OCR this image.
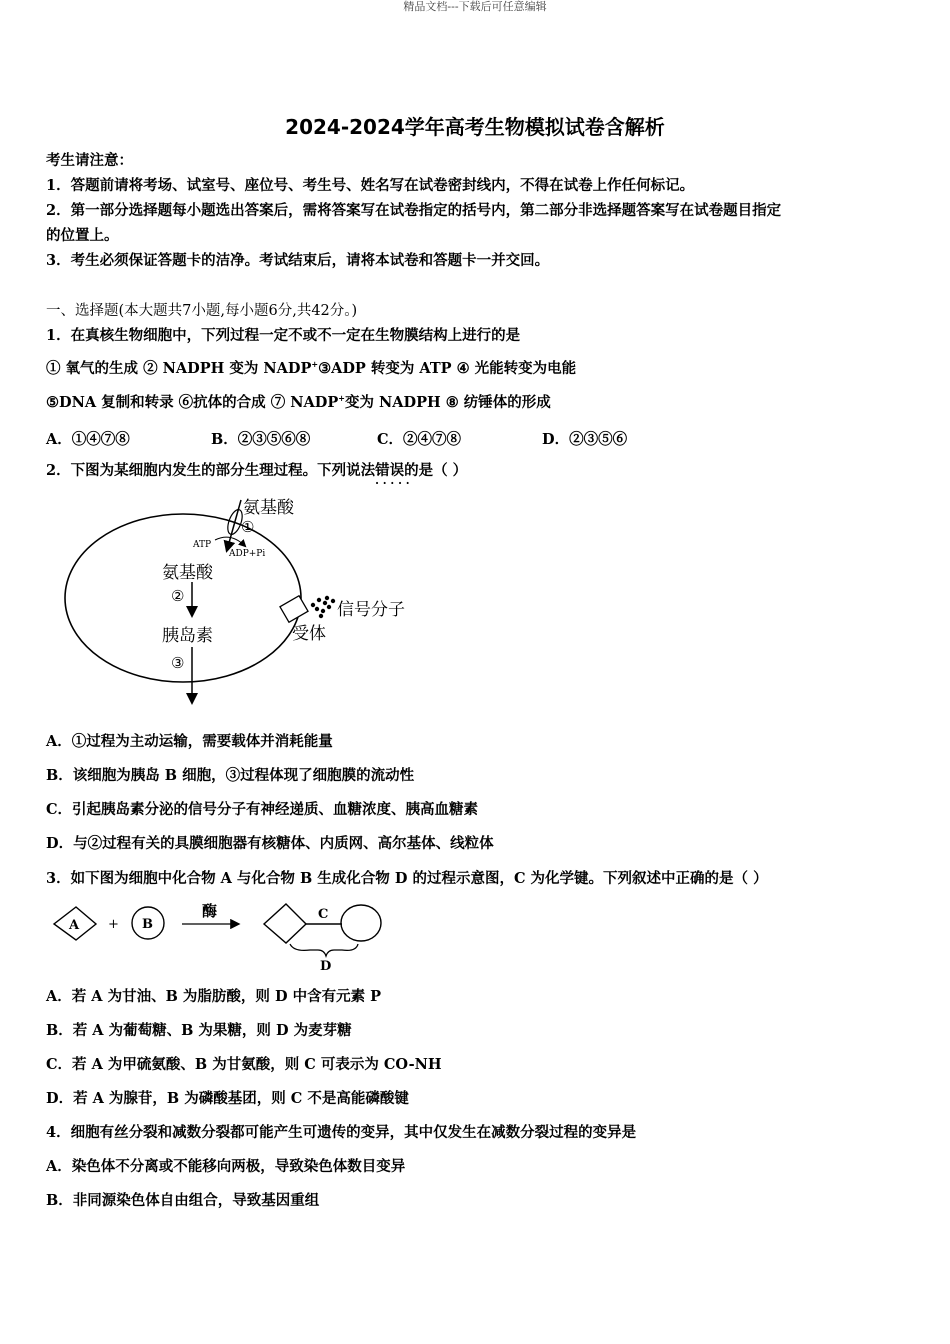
精品文档---下载后可任意编辑
2024-2024学年高考生物模拟试卷含解析
考生请注意：
1．答题前请将考场、试室号、座位号、考生号、姓名写在试卷密封线内，不得在试卷上作任何标记。
2．第一部分选择题每小题选出答案后，需将答案写在试卷指定的括号内，第二部分非选择题答案写在试卷题目指定
的位置上。
3．考生必须保证答题卡的洁净。考试结束后，请将本试卷和答题卡一并交回。
一、选择题(本大题共7小题,每小题6分,共42分。)
1．在真核生物细胞中，下列过程一定不或不一定在生物膜结构上进行的是
① 氧气的生成 ② NADPH 变为 NADP+③ADP 转变为 ATP ④ 光能转变为电能
⑤DNA 复制和转录 ⑥抗体的合成 ⑦ NADP+变为 NADPH ⑧ 纺锤体的形成
A．①④⑦⑧	B．②③⑤⑥⑧	C．②④⑦⑧	D．②③⑤⑥
2．下图为某细胞内发生的部分生理过程。下列说法错误 · · 的是（ ）
氨基酸
①
ATP
ADP+Pi
氨基酸
②
胰岛素
③
信号分子
受体
A．①过程为主动运输，需要载体并消耗能量
B．该细胞为胰岛 B 细胞，③过程体现了细胞膜的流动性
C．引起胰岛素分泌的信号分子有神经递质、血糖浓度、胰高血糖素
D．与②过程有关的具膜细胞器有核糖体、内质网、高尔基体、线粒体
3．如下图为细胞中化合物 A 与化合物 B 生成化合物 D 的过程示意图，C 为化学键。下列叙述中正确的是（ ）
A + B
酶	C
D
A．若 A 为甘油、B 为脂肪酸，则 D 中含有元素 P
B．若 A 为葡萄糖、B 为果糖，则 D 为麦芽糖
C．若 A 为甲硫氨酸、B 为甘氨酸，则 C 可表示为 CO-NH
D．若 A 为腺苷，B 为磷酸基团，则 C 不是高能磷酸键
4．细胞有丝分裂和减数分裂都可能产生可遗传的变异，其中仅发生在减数分裂过程的变异是
A．染色体不分离或不能移向两极，导致染色体数目变异
B．非同源染色体自由组合，导致基因重组
